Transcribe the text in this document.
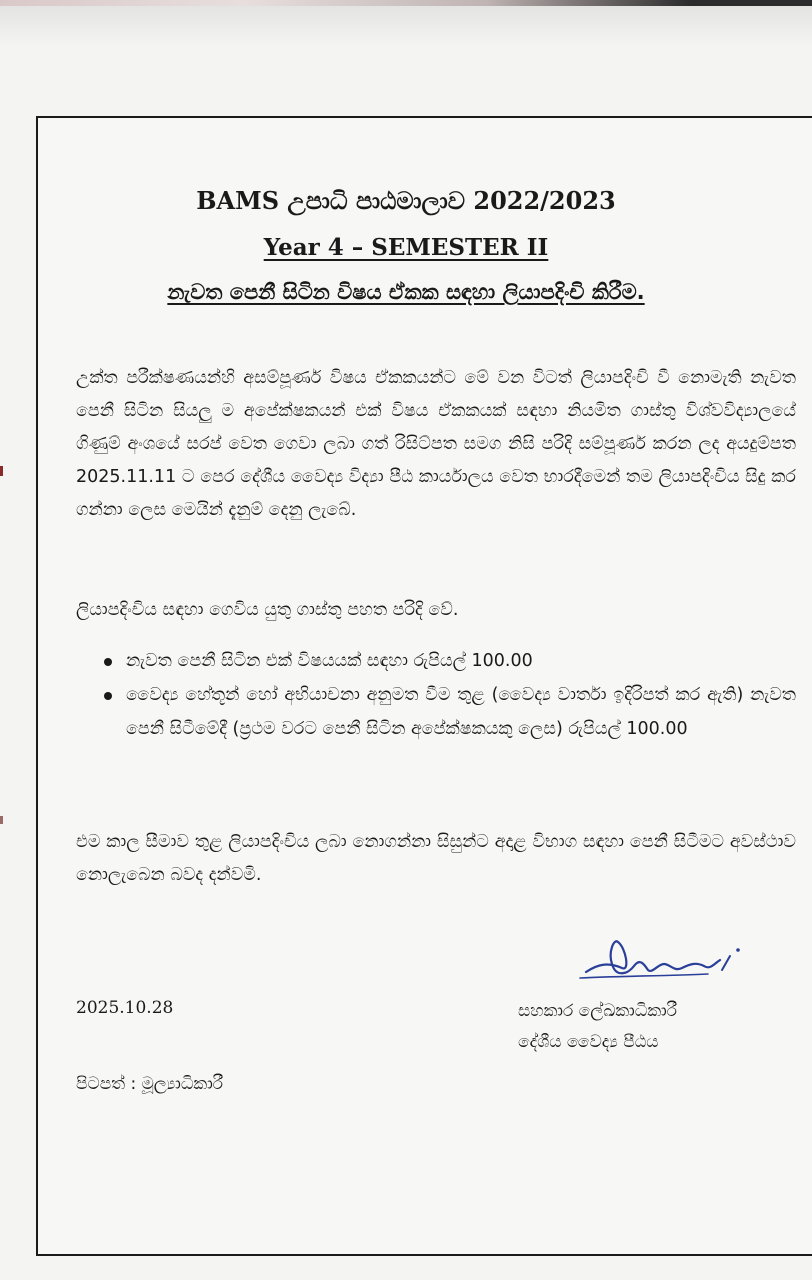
BAMS උපාධි පාඨමාලාව 2022/2023
Year 4 – SEMESTER II
නැවත පෙනී සිටින විෂය ඒකක සඳහා ලියාපදිංචි කිරීම.
උක්ත පරීක්ෂණයන්හි අසම්පූර්ණ විෂය ඒකකයන්ට මේ වන විටත් ලියාපදිංචි වී නොමැති නැවත පෙනී සිටින සියලු ම අපේක්ෂකයන් එක් විෂය ඒකකයක් සඳහා නියමිත ගාස්තු විශ්වවිද්‍යාලයේ ගිණුම් අංශයේ සරප් වෙත ගෙවා ලබා ගත් රිසිට්පත සමග නිසි පරිදි සම්පූර්ණ කරන ලද අයදුම්පත 2025.11.11 ට පෙර දේශීය වෛද්‍ය විද්‍යා පීඨ කාර්යාලය වෙත භාරදීමෙන් තම ලියාපදිංචිය සිදු කර ගන්නා ලෙස මෙයින් දැනුම් දෙනු ලැබේ.
ලියාපදිංචිය සඳහා ගෙවිය යුතු ගාස්තු පහත පරිදි වේ.
නැවත පෙනී සිටින එක් විෂයයක් සඳහා රුපියල් 100.00
වෛද්‍ය හේතූන් හෝ අභියාචනා අනුමත වීම තුළ (වෛද්‍ය වාර්තා ඉදිරිපත් කර ඇති) නැවත පෙනී සිටීමේදී (ප්‍රථම වරට පෙනී සිටින අපේක්ෂකයකු ලෙස) රුපියල් 100.00
එම කාල සීමාව තුළ ලියාපදිංචිය ලබා නොගන්නා සිසුන්ට අදාළ විභාග සඳහා පෙනී සිටීමට අවස්ථාව නොලැබෙන බවද දන්වමි.
2025.10.28	සහකාර ලේඛකාධිකාරී
දේශීය වෛද්‍ය පීඨය
පිටපත් : මූල්‍යාධිකාරී
